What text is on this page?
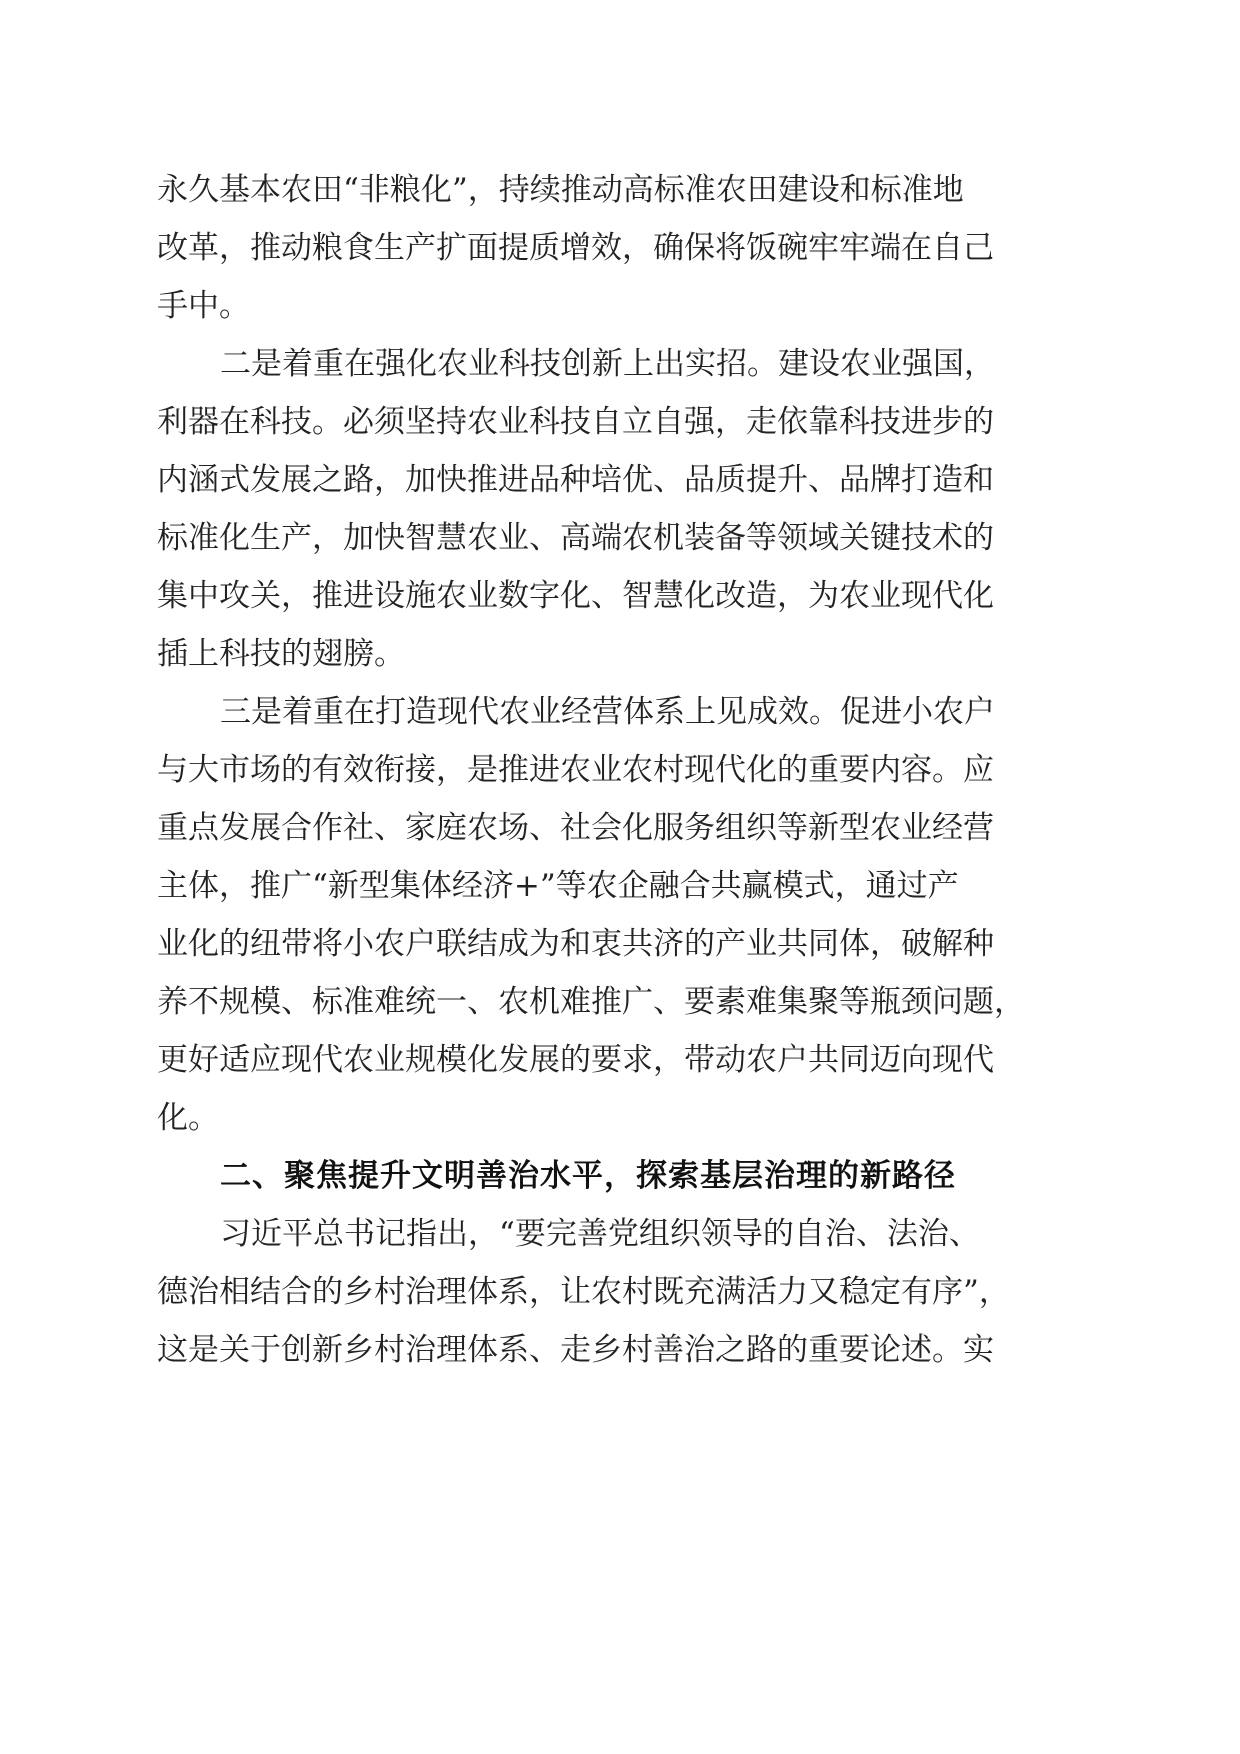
永久基本农田“非粮化”，持续推动高标准农田建设和标准地
改革，推动粮食生产扩面提质增效，确保将饭碗牢牢端在自己
手中。
二是着重在强化农业科技创新上出实招。建设农业强国，
利器在科技。必须坚持农业科技自立自强，走依靠科技进步的
内涵式发展之路，加快推进品种培优、品质提升、品牌打造和
标准化生产，加快智慧农业、高端农机装备等领域关键技术的
集中攻关，推进设施农业数字化、智慧化改造，为农业现代化
插上科技的翅膀。
三是着重在打造现代农业经营体系上见成效。促进小农户
与大市场的有效衔接，是推进农业农村现代化的重要内容。应
重点发展合作社、家庭农场、社会化服务组织等新型农业经营
主体，推广“新型集体经济+”等农企融合共赢模式，通过产
业化的纽带将小农户联结成为和衷共济的产业共同体，破解种
养不规模、标准难统一、农机难推广、要素难集聚等瓶颈问题，
更好适应现代农业规模化发展的要求，带动农户共同迈向现代
化。
二、聚焦提升文明善治水平，探索基层治理的新路径
习近平总书记指出，“要完善党组织领导的自治、法治、
德治相结合的乡村治理体系，让农村既充满活力又稳定有序”，
这是关于创新乡村治理体系、走乡村善治之路的重要论述。实
